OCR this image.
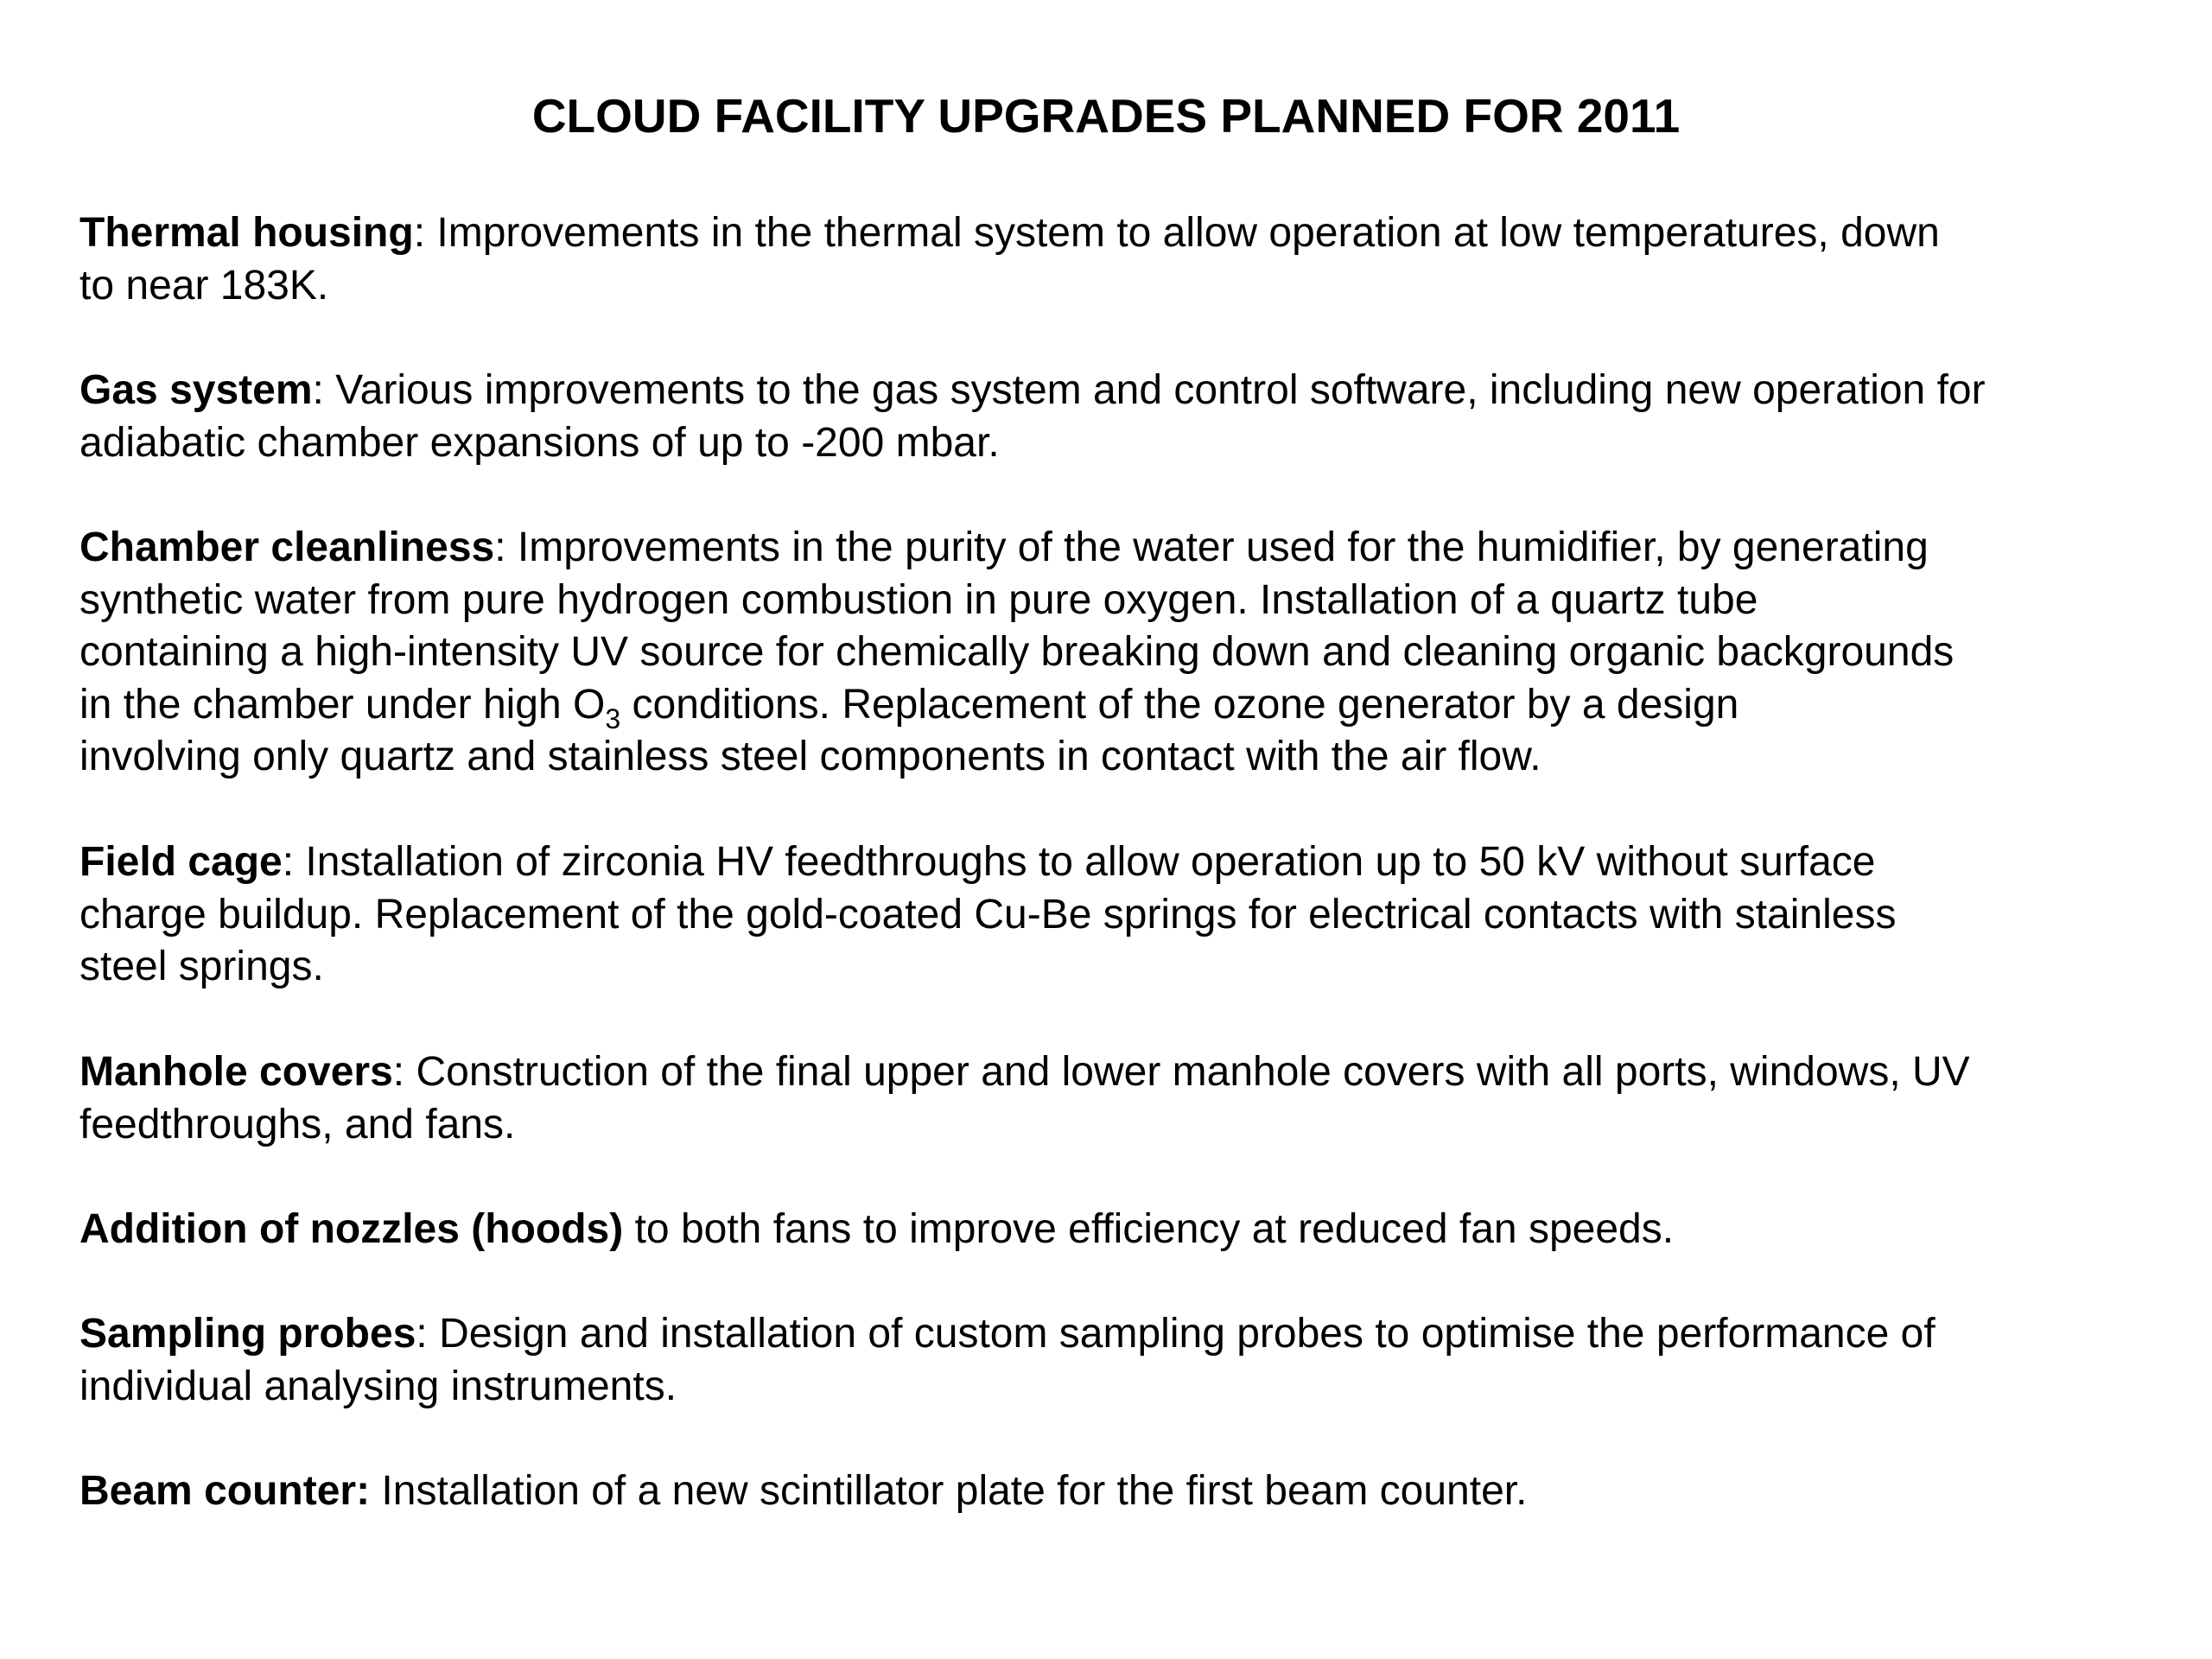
CLOUD FACILITY UPGRADES PLANNED FOR 2011

Thermal housing: Improvements in the thermal system to allow operation at low temperatures, down
to near 183K.

Gas system: Various improvements to the gas system and control software, including new operation for
adiabatic chamber expansions of up to -200 mbar.

Chamber cleanliness: Improvements in the purity of the water used for the humidifier, by generating
synthetic water from pure hydrogen combustion in pure oxygen. Installation of a quartz tube
containing a high-intensity UV source for chemically breaking down and cleaning organic backgrounds
in the chamber under high $O_3$ conditions. Replacement of the ozone generator by a design
involving only quartz and stainless steel components in contact with the air flow.

Field cage: Installation of zirconia HV feedthroughs to allow operation up to 50 kV without surface
charge buildup. Replacement of the gold-coated Cu-Be springs for electrical contacts with stainless
steel springs.

Manhole covers: Construction of the final upper and lower manhole covers with all ports, windows, UV
feedthroughs, and fans.

Addition of nozzles (hoods) to both fans to improve efficiency at reduced fan speeds.

Sampling probes: Design and installation of custom sampling probes to optimise the performance of
individual analysing instruments.

Beam counter: Installation of a new scintillator plate for the first beam counter.
